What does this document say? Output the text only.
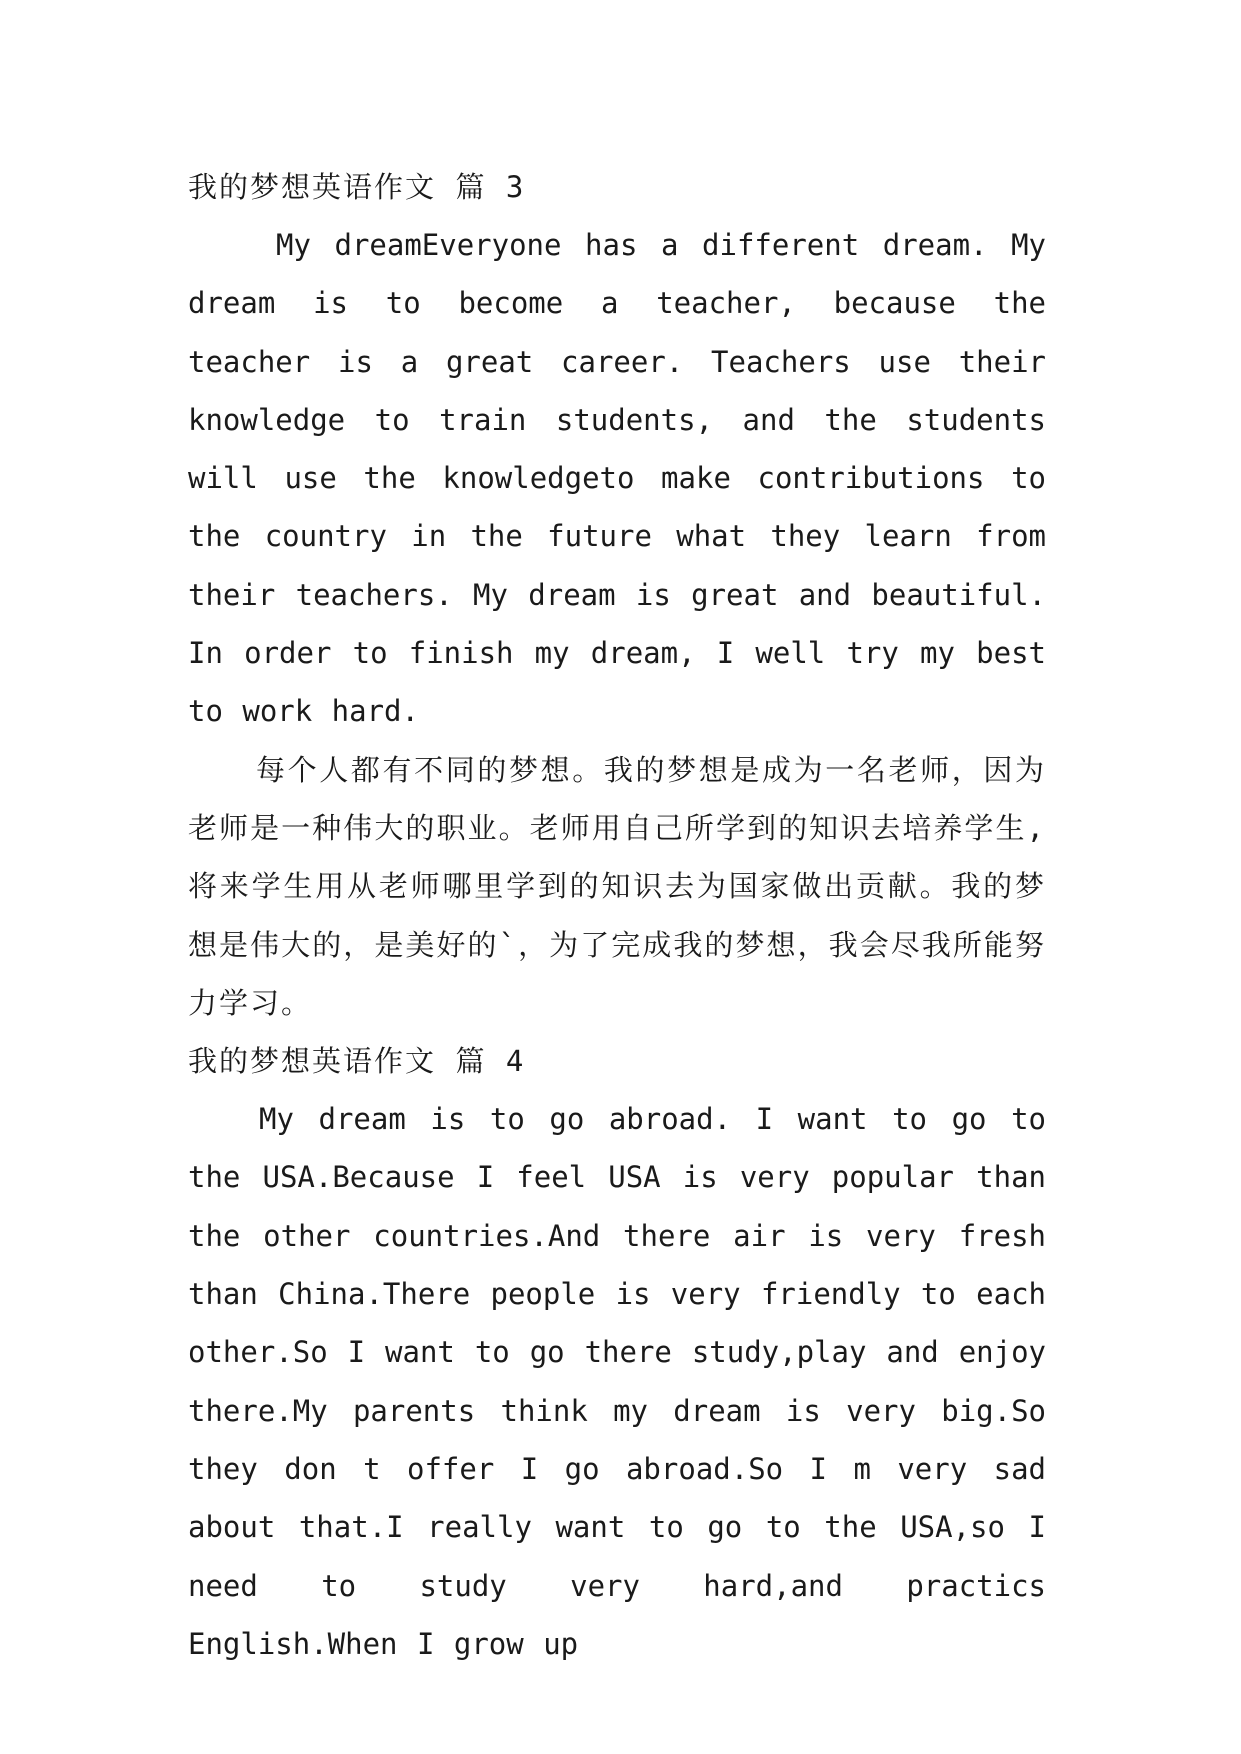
我的梦想英语作文 篇 3

My dreamEveryone has a different dream. My dream is to become a teacher, because the teacher is a great career. Teachers use their knowledge to train students, and the students will use the knowledgeto make contributions to the country in the future what they learn from their teachers. My dream is great and beautiful. In order to finish my dream, I well try my best to work hard.

每个人都有不同的梦想。我的梦想是成为一名老师，因为老师是一种伟大的职业。老师用自己所学到的知识去培养学生,将来学生用从老师哪里学到的知识去为国家做出贡献。我的梦想是伟大的，是美好的`，为了完成我的梦想，我会尽我所能努力学习。

我的梦想英语作文 篇 4

My dream is to go abroad. I want to go to the USA.Because I feel USA is very popular than the other countries.And there air is very fresh than China.There people is very friendly to each other.So I want to go there study,play and enjoy there.My parents think my dream is very big.So they don t offer I go abroad.So I m very sad about that.I really want to go to the USA,so I need to study very hard,and practics English.When I grow up
